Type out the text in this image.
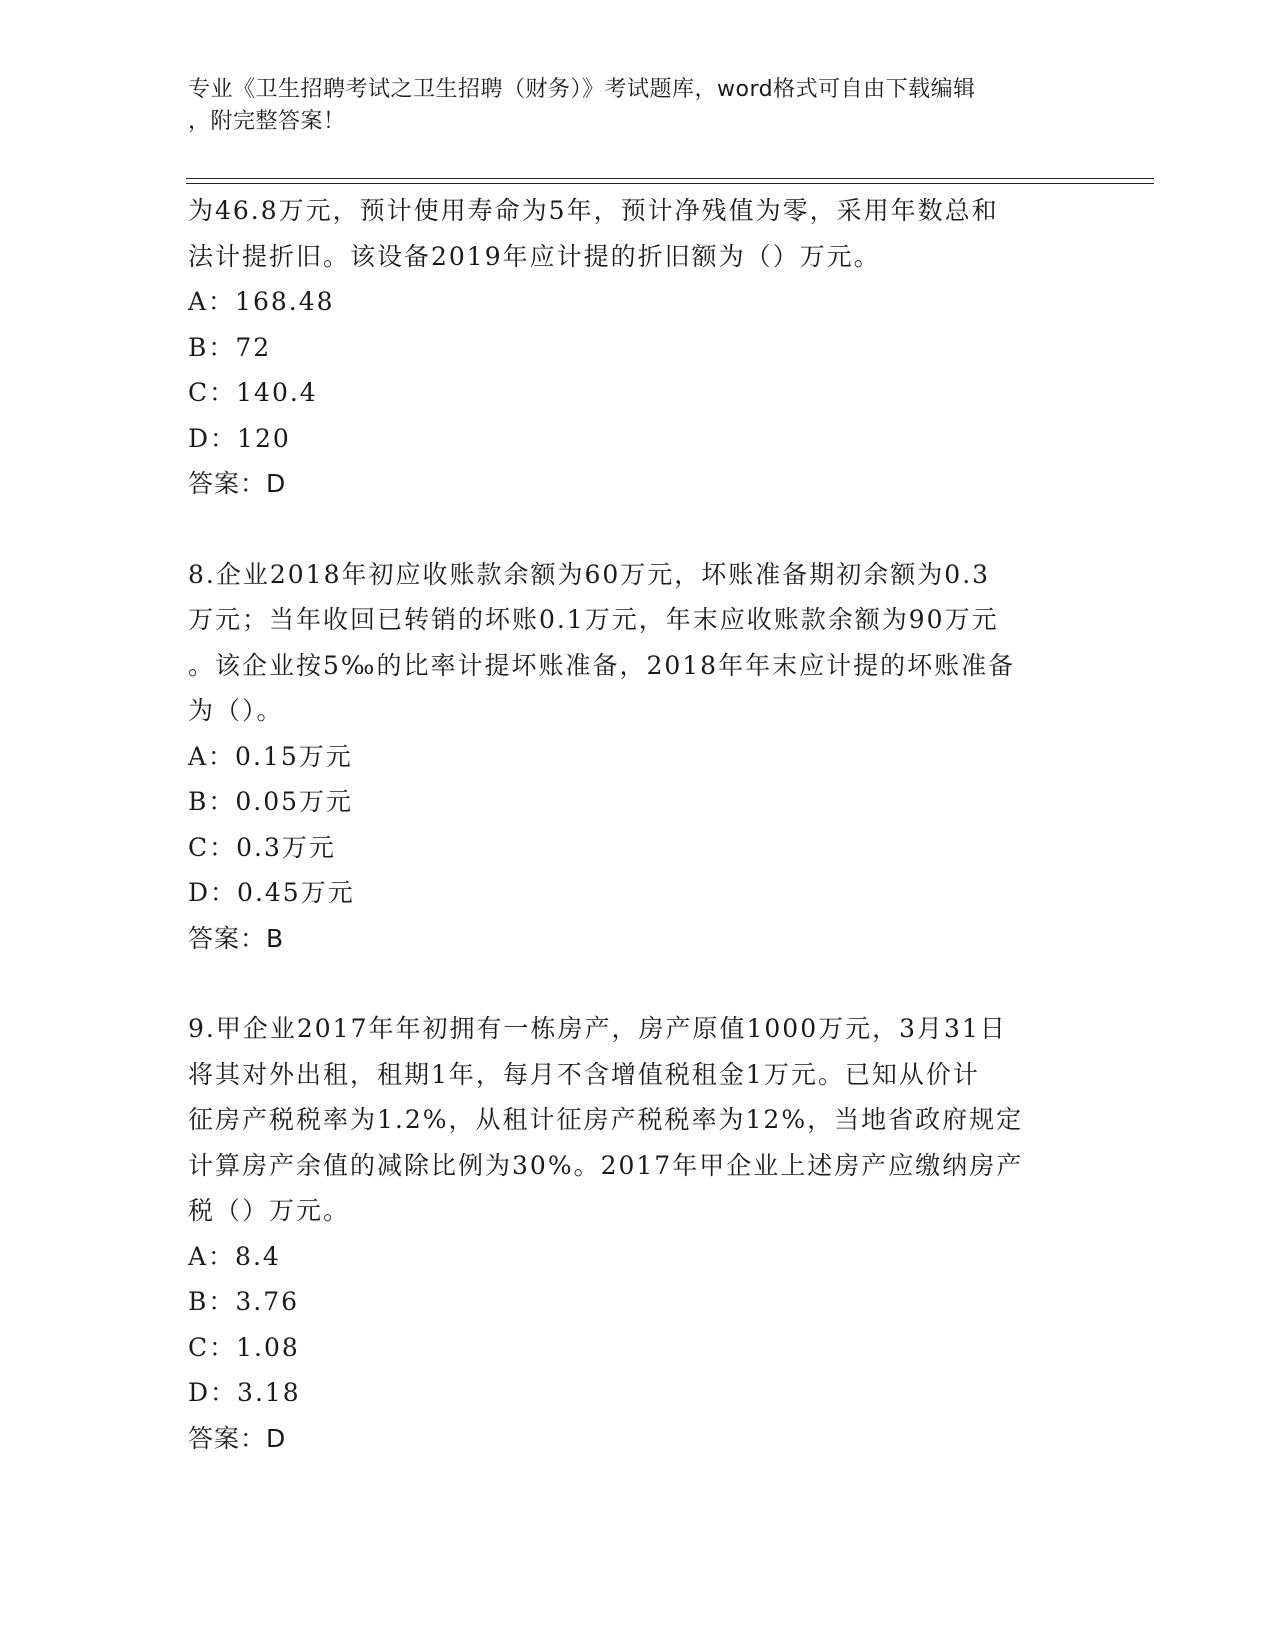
专业《卫生招聘考试之卫生招聘（财务）》考试题库，word格式可自由下载编辑
，附完整答案！
为46.8万元，预计使用寿命为5年，预计净残值为零，采用年数总和
法计提折旧。该设备2019年应计提的折旧额为（）万元。
A：168.48
B：72
C：140.4
D：120
答案：D
8.企业2018年初应收账款余额为60万元，坏账准备期初余额为0.3
万元；当年收回已转销的坏账0.1万元，年末应收账款余额为90万元
。该企业按5‰的比率计提坏账准备，2018年年末应计提的坏账准备
为（）。
A：0.15万元
B：0.05万元
C：0.3万元
D：0.45万元
答案：B
9.甲企业2017年年初拥有一栋房产，房产原值1000万元，3月31日
将其对外出租，租期1年，每月不含增值税租金1万元。已知从价计
征房产税税率为1.2%，从租计征房产税税率为12%，当地省政府规定
计算房产余值的减除比例为30%。2017年甲企业上述房产应缴纳房产
税（）万元。
A：8.4
B：3.76
C：1.08
D：3.18
答案：D
